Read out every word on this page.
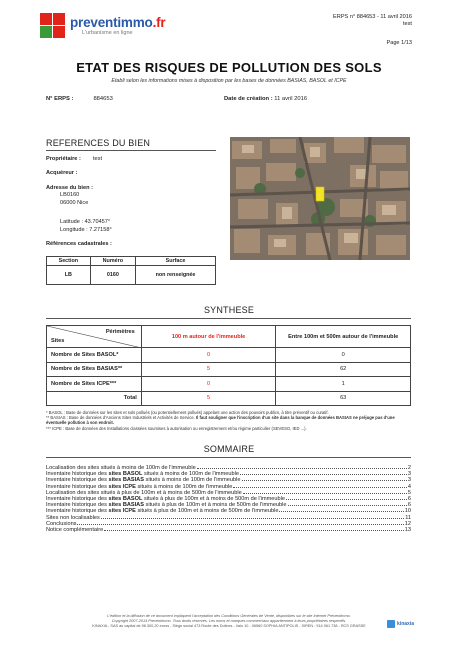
preventimmo.fr
L'urbanisme en ligne
ERPS n° 884653 - 11 avril 2016
test
Page 1/13
ETAT DES RISQUES DE POLLUTION DES SOLS
Etabli selon les informations mises à disposition par les bases de données BASIAS, BASOL et ICPE
N° ERPS :	884653	Date de création : 11 avril 2016
REFERENCES DU BIEN
Propriétaire : test
Acquéreur :
Adresse du bien :
LB0160
06000 Nice
Latitude : 43.70457°
Longitude : 7.27158°
Références cadastrales :
Section	Numéro	Surface
LB	0160	non renseignée
SYNTHESE
Périmètres
Sites	100 m autour de l'immeuble	Entre 100m et 500m autour de l'immeuble
Nombre de Sites BASOL*	0	0
Nombre de Sites BASIAS**	5	62
Nombre de Sites ICPE***	0	1
Total	5	63
* BASOL : Base de données sur les sites et sols pollués (ou potentiellement pollués) appelant une action des pouvoirs publics, à titre préventif ou curatif.
** BASIAS : Base de données d'Anciens Sites Industriels et Activités de Service. Il faut souligner que l'inscription d'un site dans la banque de données BASIAS ne préjuge pas d'une éventuelle pollution à son endroit.
*** ICPE : Base de données des Installations classées soumises à autorisation ou enregistrement et/ou régime particulier (SEVESO, IED ...).
SOMMAIRE
Localisation des sites situés à moins de 100m de l'immeuble	2
Inventaire historique des sites BASOL situés à moins de 100m de l'immeuble	3
Inventaire historique des sites BASIAS situés à moins de 100m de l'immeuble	3
Inventaire historique des sites ICPE situés à moins de 100m de l'immeuble	4
Localisation des sites situés à plus de 100m et à moins de 500m de l'immeuble	5
Inventaire historique des sites BASOL situés à plus de 100m et à moins de 500m de l'immeuble	6
Inventaire historique des sites BASIAS situés à plus de 100m et à moins de 500m de l'immeuble	6
Inventaire historique des sites ICPE situés à plus de 100m et à moins de 500m de l'immeuble	10
Sites non localisables	11
Conclusions	12
Notice complémentaire	13
L'édition et la diffusion de ce document impliquent l'acceptation des Conditions Générales de Vente, disponibles sur le site Internet Preventimmo.
Copyright 2007-2014 Preventimmo. Tous droits réservés. Les noms et marques commerciaux appartiennent à leurs propriétaires respectifs.
KINAXIA - SAS au capital de 98 300,20 euros - Siège social 473 Route des Dolines - Valo 10 - 06560 SOPHIA ANTIPOLIS - SIREN : 514 061 738 - RCS GRASSE	kinaxia
